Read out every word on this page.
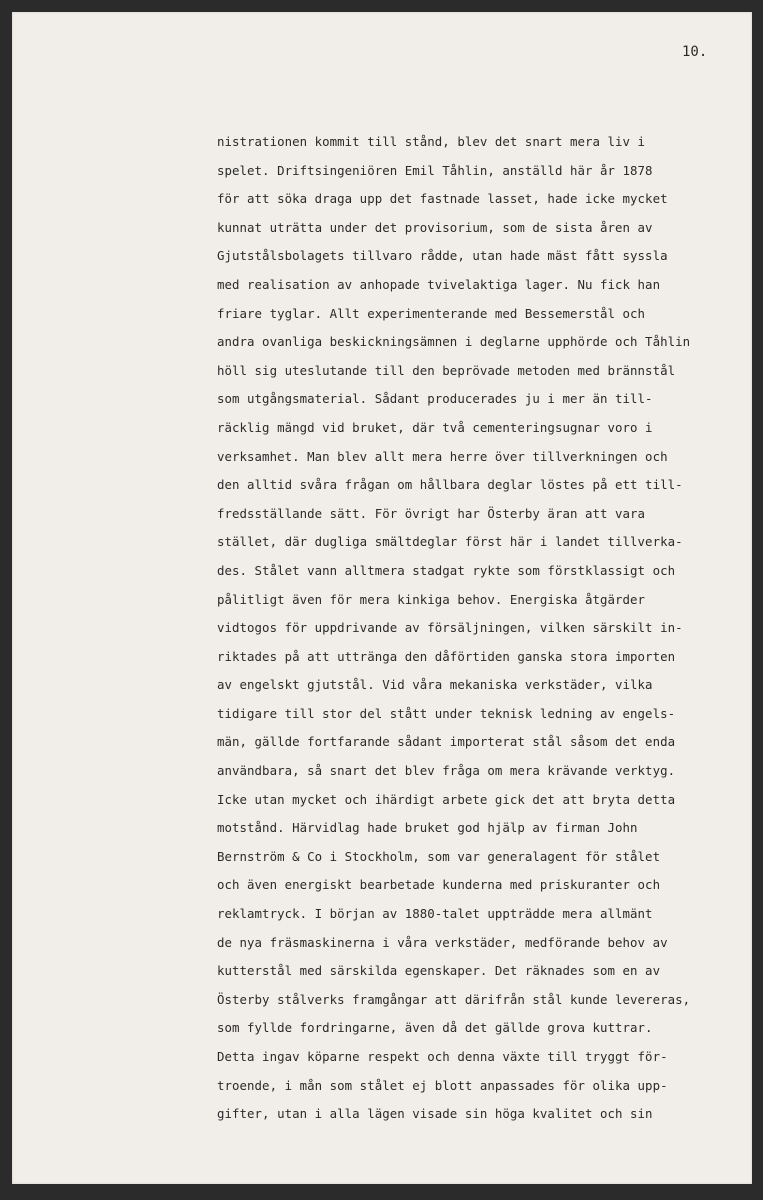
10.
nistrationen kommit till stånd, blev det snart mera liv i
spelet. Driftsingeniören Emil Tåhlin, anställd här år 1878
för att söka draga upp det fastnade lasset, hade icke mycket
kunnat uträtta under det provisorium, som de sista åren av
Gjutstålsbolagets tillvaro rådde, utan hade mäst fått syssla
med realisation av anhopade tvivelaktiga lager. Nu fick han
friare tyglar. Allt experimenterande med Bessemerstål och
andra ovanliga beskickningsämnen i deglarne upphörde och Tåhlin
höll sig uteslutande till den beprövade metoden med brännstål
som utgångsmaterial. Sådant producerades ju i mer än till-
räcklig mängd vid bruket, där två cementeringsugnar voro i
verksamhet. Man blev allt mera herre över tillverkningen och
den alltid svåra frågan om hållbara deglar löstes på ett till-
fredsställande sätt. För övrigt har Österby äran att vara
stället, där dugliga smältdeglar först här i landet tillverka-
des. Stålet vann alltmera stadgat rykte som förstklassigt och
pålitligt även för mera kinkiga behov. Energiska åtgärder
vidtogos för uppdrivande av försäljningen, vilken särskilt in-
riktades på att utträngа den dåförtiden ganska stora importen
av engelskt gjutstål. Vid våra mekaniska verkstäder, vilka
tidigare till stor del stått under teknisk ledning av engels-
män, gällde fortfarande sådant importerat stål såsom det enda
användbara, så snart det blev fråga om mera krävande verktyg.
Icke utan mycket och ihärdigt arbete gick det att bryta detta
motstånd. Härvidlag hade bruket god hjälp av firman John
Bernström & Co i Stockholm, som var generalagent för stålet
och även energiskt bearbetade kunderna med priskuranter och
reklamtryck. I början av 1880-talet uppträdde mera allmänt
de nya fräsmaskinerna i våra verkstäder, medförande behov av
kutterstål med särskilda egenskaper. Det räknades som en av
Österby stålverks framgångar att därifrån stål kunde levereras,
som fyllde fordringarne, även då det gällde grova kuttrar.
Detta ingav köparne respekt och denna växte till tryggt för-
troende, i mån som stålet ej blott anpassades för olika upp-
gifter, utan i alla lägen visade sin höga kvalitet och sin
